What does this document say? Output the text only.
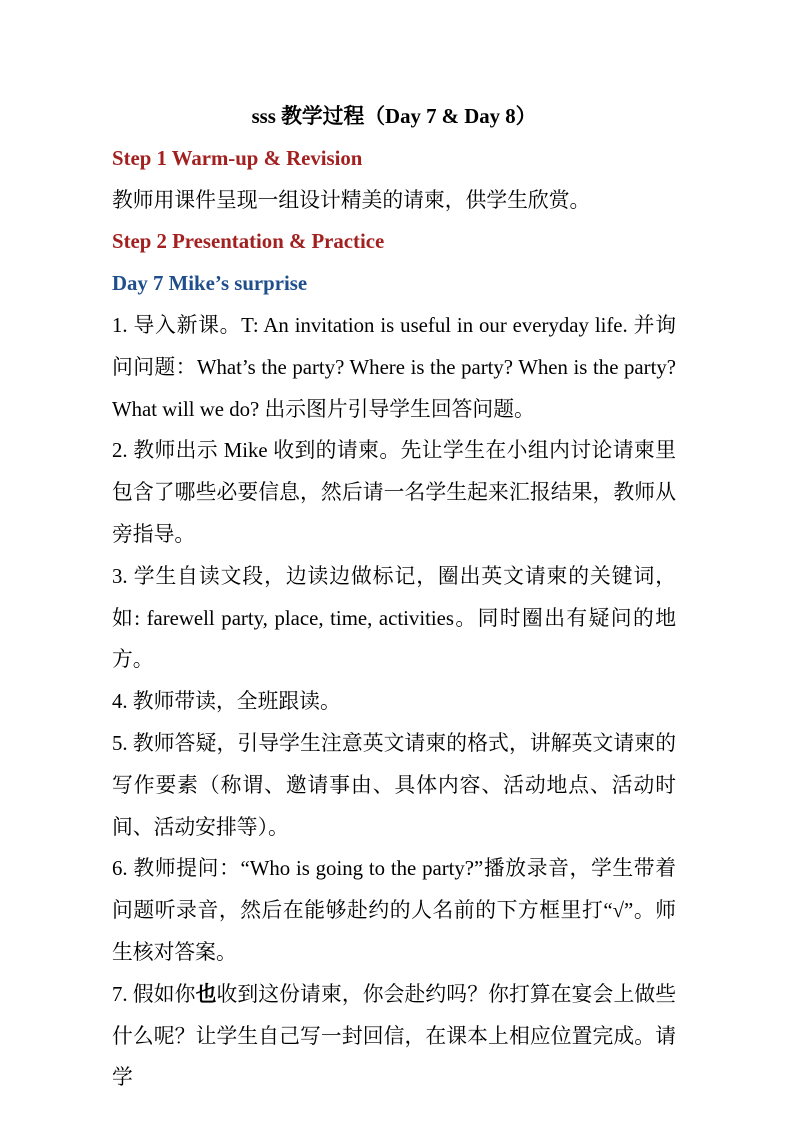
sss 教学过程（Day 7 & Day 8）
Step 1 Warm-up & Revision
教师用课件呈现一组设计精美的请柬，供学生欣赏。
Step 2 Presentation & Practice
Day 7 Mike’s surprise
1. 导入新课。T: An invitation is useful in our everyday life. 并询问问题：What’s the party? Where is the party? When is the party? What will we do? 出示图片引导学生回答问题。
2. 教师出示 Mike 收到的请柬。先让学生在小组内讨论请柬里包含了哪些必要信息，然后请一名学生起来汇报结果，教师从旁指导。
3. 学生自读文段，边读边做标记，圈出英文请柬的关键词，如: farewell party, place, time, activities。同时圈出有疑问的地方。
4. 教师带读，全班跟读。
5. 教师答疑，引导学生注意英文请柬的格式，讲解英文请柬的写作要素（称谓、邀请事由、具体内容、活动地点、活动时间、活动安排等）。
6. 教师提问：“Who is going to the party?”播放录音，学生带着问题听录音，然后在能够赴约的人名前的下方框里打“√”。师生核对答案。
7. 假如你也收到这份请柬，你会赴约吗？你打算在宴会上做些什么呢？让学生自己写一封回信，在课本上相应位置完成。请学
